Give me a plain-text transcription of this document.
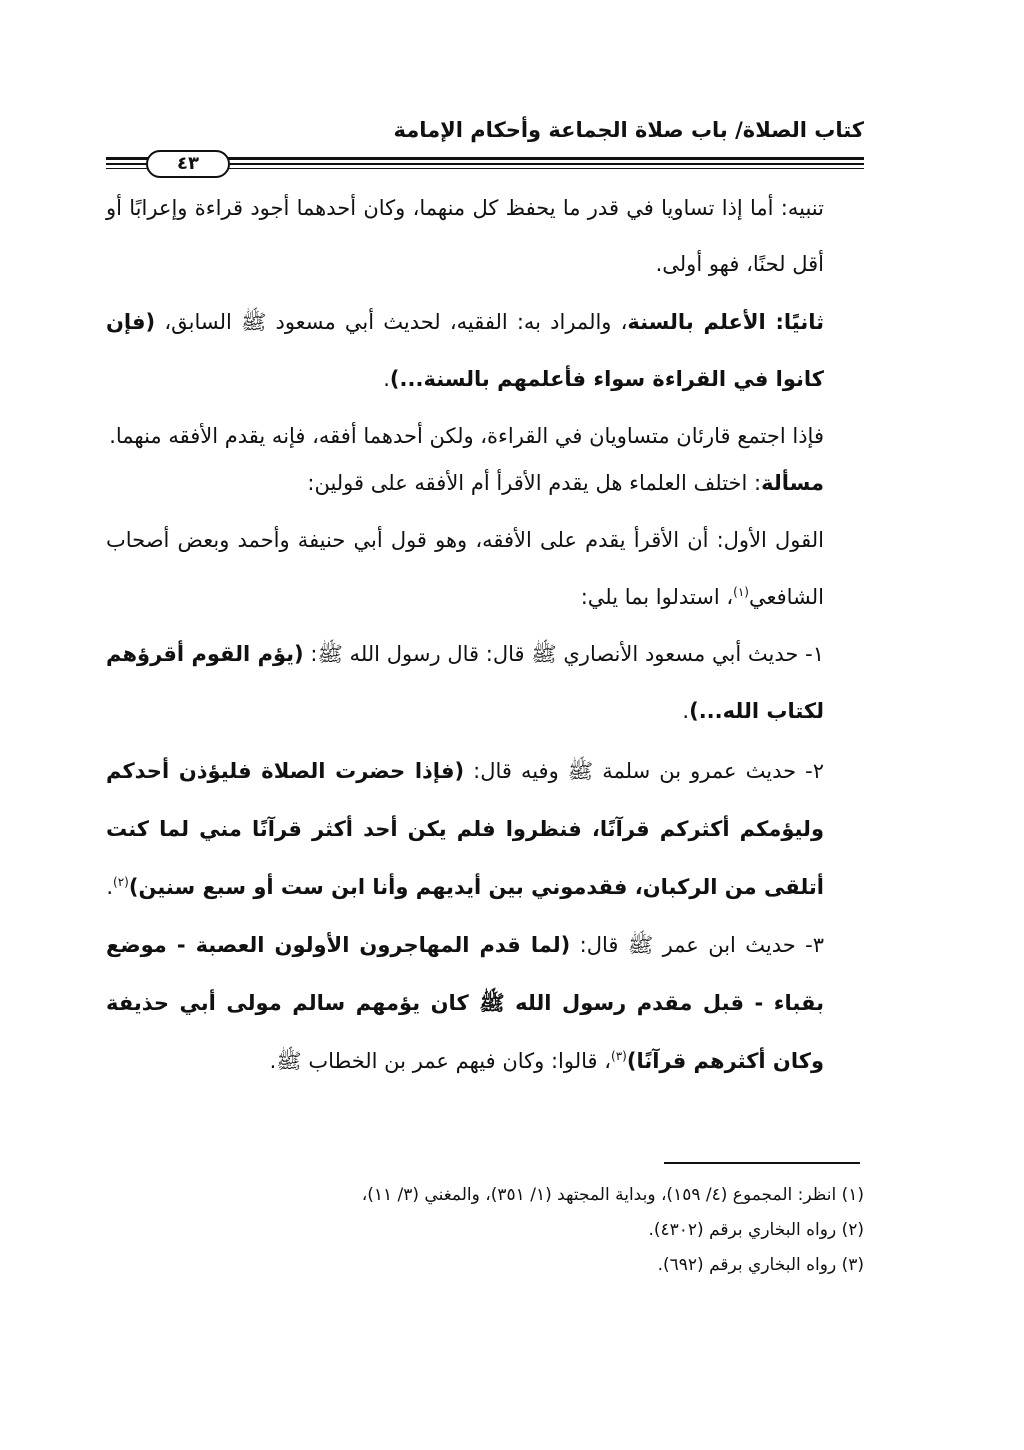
كتاب الصلاة/ باب صلاة الجماعة وأحكام الإمامة
٤٣

تنبيه: أما إذا تساويا في قدر ما يحفظ كل منهما، وكان أحدهما أجود قراءة وإعرابًا أو أقل لحنًا، فهو أولى.

ثانيًا: الأعلم بالسنة، والمراد به: الفقيه، لحديث أبي مسعود ﷺ السابق، (فإن كانوا في القراءة سواء فأعلمهم بالسنة...).

فإذا اجتمع قارئان متساويان في القراءة، ولكن أحدهما أفقه، فإنه يقدم الأفقه منهما.

مسألة: اختلف العلماء هل يقدم الأقرأ أم الأفقه على قولين:

القول الأول: أن الأقرأ يقدم على الأفقه، وهو قول أبي حنيفة وأحمد وبعض أصحاب الشافعي$^{(١)}$، استدلوا بما يلي:

١- حديث أبي مسعود الأنصاري ﷺ قال: قال رسول الله ﷺ: (يؤم القوم أقرؤهم لكتاب الله...).

٢- حديث عمرو بن سلمة ﷺ وفيه قال: (فإذا حضرت الصلاة فليؤذن أحدكم وليؤمكم أكثركم قرآنًا، فنظروا فلم يكن أحد أكثر قرآنًا مني لما كنت أتلقى من الركبان، فقدموني بين أيديهم وأنا ابن ست أو سبع سنين)$^{(٢)}$.

٣- حديث ابن عمر ﷺ قال: (لما قدم المهاجرون الأولون العصبة - موضع بقباء - قبل مقدم رسول الله ﷺ كان يؤمهم سالم مولى أبي حذيفة وكان أكثرهم قرآنًا)$^{(٣)}$، قالوا: وكان فيهم عمر بن الخطاب ﷺ.

(١) انظر: المجموع (٤/ ١٥٩)، وبداية المجتهد (١/ ٣٥١)، والمغني (٣/ ١١)،

(٢) رواه البخاري برقم (٤٣٠٢).

(٣) رواه البخاري برقم (٦٩٢).
